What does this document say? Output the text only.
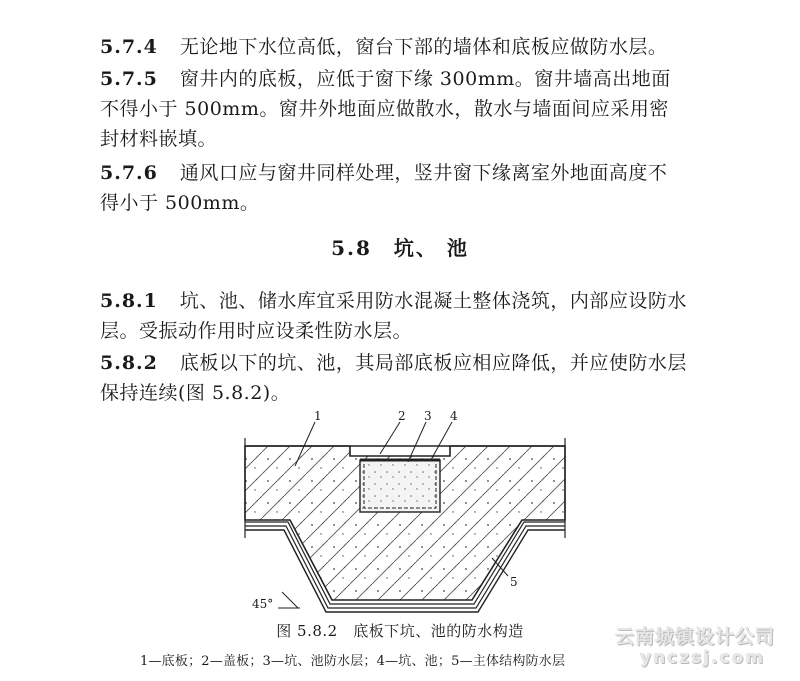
5.7.4 无论地下水位高低，窗台下部的墙体和底板应做防水层。

5.7.5 窗井内的底板，应低于窗下缘 300mm。窗井墙高出地面
不得小于 500mm。窗井外地面应做散水，散水与墙面间应采用密
封材料嵌填。

5.7.6 通风口应与窗井同样处理，竖井窗下缘离室外地面高度不
得小于 500mm。

5.8 坑、 池

5.8.1 坑、池、储水库宜采用防水混凝土整体浇筑，内部应设防水
层。受振动作用时应设柔性防水层。

5.8.2 底板以下的坑、池，其局部底板应相应降低，并应使防水层
保持连续(图 5.8.2)。

1	2 3 4
5
45°
图 5.8.2　底板下坑、池的防水构造
1—底板；2—盖板；3—坑、池防水层；4—坑、池；5—主体结构防水层
云南城镇设计公司
ynczsj.com
